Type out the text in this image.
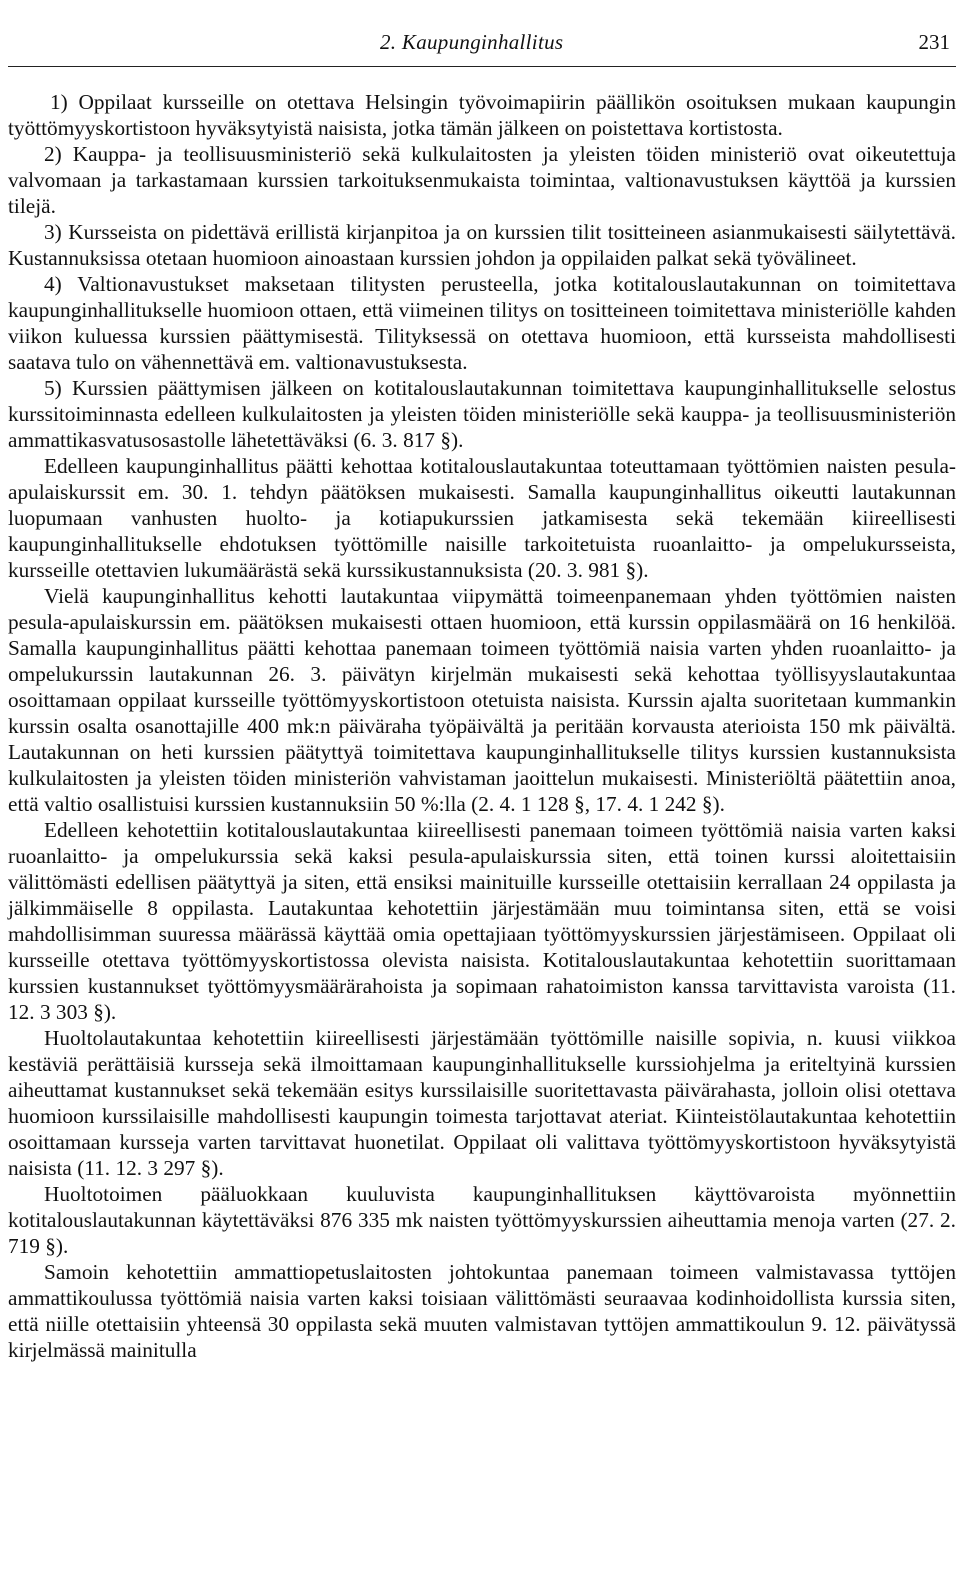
2. Kaupunginhallitus	231

1) Oppilaat kursseille on otettava Helsingin työvoimapiirin päällikön osoituksen mukaan kaupungin työttömyyskortistoon hyväksytyistä naisista, jotka tämän jälkeen on poistettava kortistosta.

2) Kauppa- ja teollisuusministeriö sekä kulkulaitosten ja yleisten töiden ministeriö ovat oikeutettuja valvomaan ja tarkastamaan kurssien tarkoituksenmukaista toimintaa, valtionavustuksen käyttöä ja kurssien tilejä.

3) Kursseista on pidettävä erillistä kirjanpitoa ja on kurssien tilit tositteineen asianmukaisesti säilytettävä. Kustannuksissa otetaan huomioon ainoastaan kurssien johdon ja oppilaiden palkat sekä työvälineet.

4) Valtionavustukset maksetaan tilitysten perusteella, jotka kotitalouslautakunnan on toimitettava kaupunginhallitukselle huomioon ottaen, että viimeinen tilitys on tositteineen toimitettava ministeriölle kahden viikon kuluessa kurssien päättymisestä. Tilityksessä on otettava huomioon, että kursseista mahdollisesti saatava tulo on vähennettävä em. valtionavustuksesta.

5) Kurssien päättymisen jälkeen on kotitalouslautakunnan toimitettava kaupunginhallitukselle selostus kurssitoiminnasta edelleen kulkulaitosten ja yleisten töiden ministeriölle sekä kauppa- ja teollisuusministeriön ammattikasvatusosastolle lähetettäväksi (6. 3. 817 §).

Edelleen kaupunginhallitus päätti kehottaa kotitalouslautakuntaa toteuttamaan työttömien naisten pesula-apulaiskurssit em. 30. 1. tehdyn päätöksen mukaisesti. Samalla kaupunginhallitus oikeutti lautakunnan luopumaan vanhusten huolto- ja kotiapukurssien jatkamisesta sekä tekemään kiireellisesti kaupunginhallitukselle ehdotuksen työttömille naisille tarkoitetuista ruoanlaitto- ja ompelukursseista, kursseille otettavien lukumäärästä sekä kurssikustannuksista (20. 3. 981 §).

Vielä kaupunginhallitus kehotti lautakuntaa viipymättä toimeenpanemaan yhden työttömien naisten pesula-apulaiskurssin em. päätöksen mukaisesti ottaen huomioon, että kurssin oppilasmäärä on 16 henkilöä. Samalla kaupunginhallitus päätti kehottaa panemaan toimeen työttömiä naisia varten yhden ruoanlaitto- ja ompelukurssin lautakunnan 26. 3. päivätyn kirjelmän mukaisesti sekä kehottaa työllisyyslautakuntaa osoittamaan oppilaat kursseille työttömyyskortistoon otetuista naisista. Kurssin ajalta suoritetaan kummankin kurssin osalta osanottajille 400 mk:n päiväraha työpäivältä ja peritään korvausta aterioista 150 mk päivältä. Lautakunnan on heti kurssien päätyttyä toimitettava kaupunginhallitukselle tilitys kurssien kustannuksista kulkulaitosten ja yleisten töiden ministeriön vahvistaman jaoittelun mukaisesti. Ministeriöltä päätettiin anoa, että valtio osallistuisi kurssien kustannuksiin 50 %:lla (2. 4. 1 128 §, 17. 4. 1 242 §).

Edelleen kehotettiin kotitalouslautakuntaa kiireellisesti panemaan toimeen työttömiä naisia varten kaksi ruoanlaitto- ja ompelukurssia sekä kaksi pesula-apulaiskurssia siten, että toinen kurssi aloitettaisiin välittömästi edellisen päätyttyä ja siten, että ensiksi mainituille kursseille otettaisiin kerrallaan 24 oppilasta ja jälkimmäiselle 8 oppilasta. Lautakuntaa kehotettiin järjestämään muu toimintansa siten, että se voisi mahdollisimman suuressa määrässä käyttää omia opettajiaan työttömyyskurssien järjestämiseen. Oppilaat oli kursseille otettava työttömyyskortistossa olevista naisista. Kotitalouslautakuntaa kehotettiin suorittamaan kurssien kustannukset työttömyysmäärärahoista ja sopimaan rahatoimiston kanssa tarvittavista varoista (11. 12. 3 303 §).

Huoltolautakuntaa kehotettiin kiireellisesti järjestämään työttömille naisille sopivia, n. kuusi viikkoa kestäviä perättäisiä kursseja sekä ilmoittamaan kaupunginhallitukselle kurssiohjelma ja eriteltyinä kurssien aiheuttamat kustannukset sekä tekemään esitys kurssilaisille suoritettavasta päivärahasta, jolloin olisi otettava huomioon kurssilaisille mahdollisesti kaupungin toimesta tarjottavat ateriat. Kiinteistölautakuntaa kehotettiin osoittamaan kursseja varten tarvittavat huonetilat. Oppilaat oli valittava työttömyyskortistoon hyväksytyistä naisista (11. 12. 3 297 §).

Huoltotoimen pääluokkaan kuuluvista kaupunginhallituksen käyttövaroista myönnettiin kotitalouslautakunnan käytettäväksi 876 335 mk naisten työttömyyskurssien aiheuttamia menoja varten (27. 2. 719 §).

Samoin kehotettiin ammattiopetuslaitosten johtokuntaa panemaan toimeen valmistavassa tyttöjen ammattikoulussa työttömiä naisia varten kaksi toisiaan välittömästi seuraavaa kodinhoidollista kurssia siten, että niille otettaisiin yhteensä 30 oppilasta sekä muuten valmistavan tyttöjen ammattikoulun 9. 12. päivätyssä kirjelmässä mainitulla
